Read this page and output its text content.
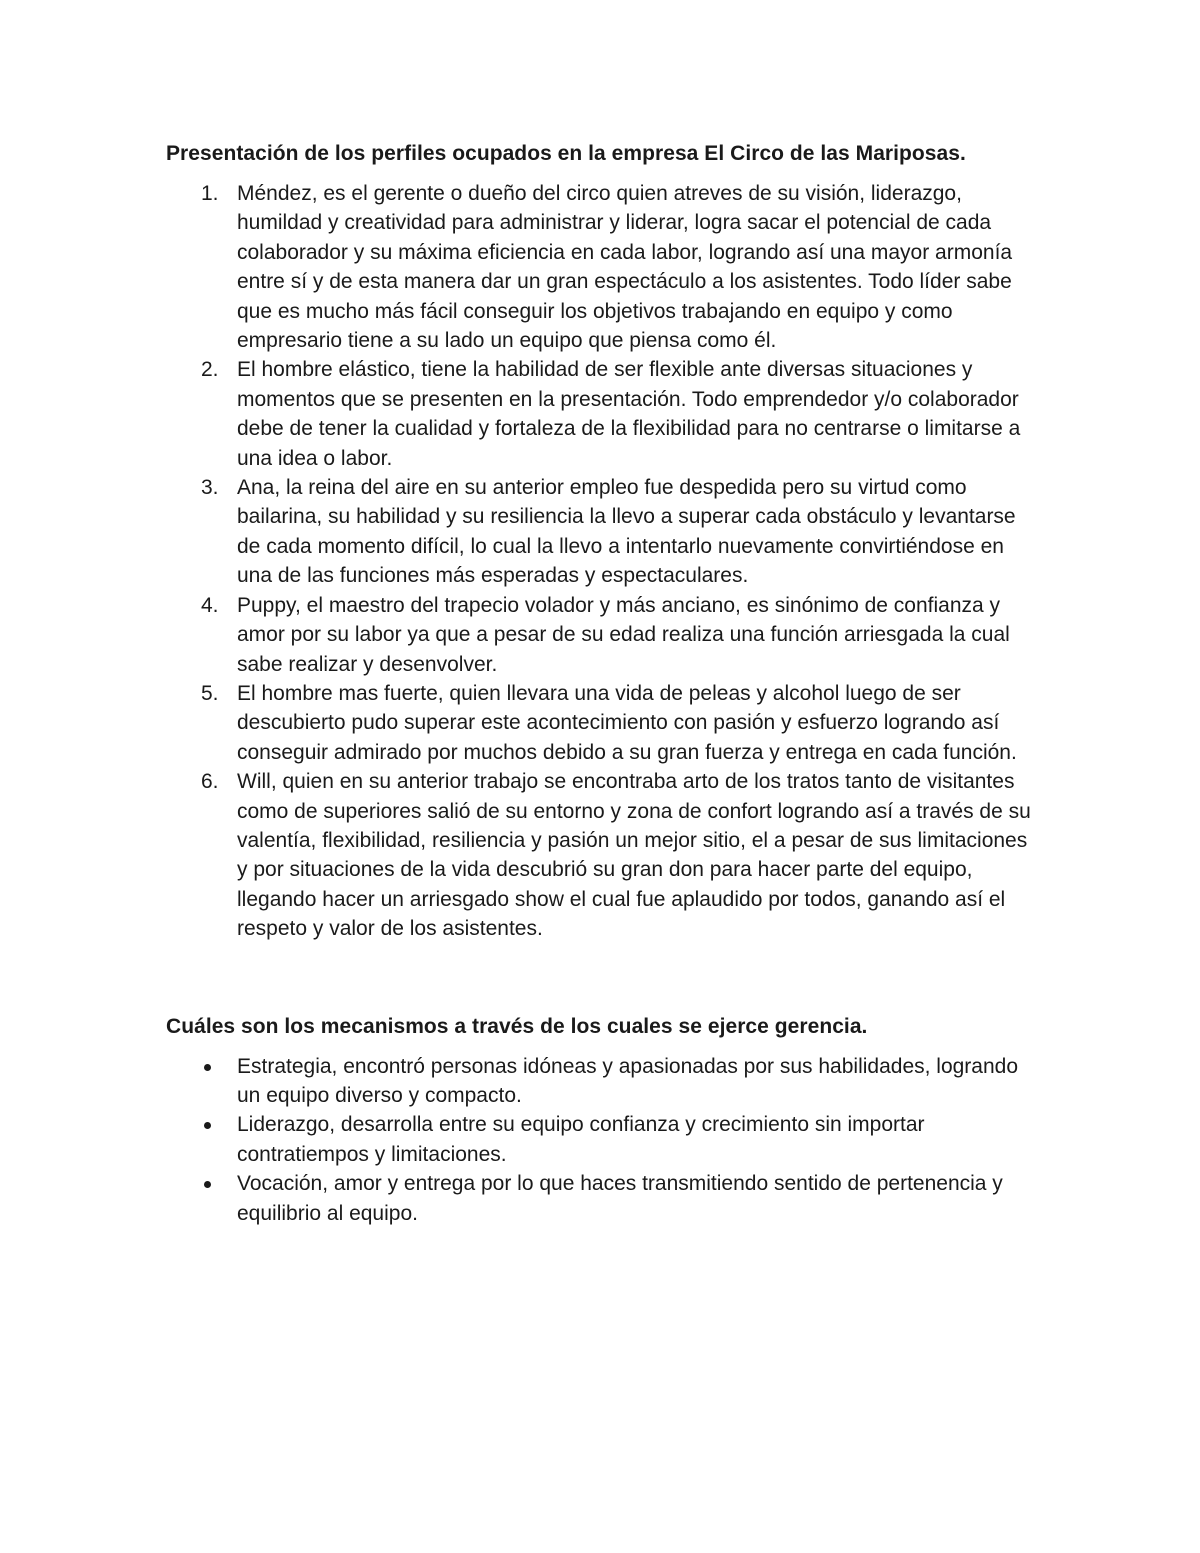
Presentación de los perfiles ocupados en la empresa El Circo de las Mariposas.
1. Méndez, es el gerente o dueño del circo quien atreves de su visión, liderazgo, humildad y creatividad para administrar y liderar, logra sacar el potencial de cada colaborador y su máxima eficiencia en cada labor, logrando así una mayor armonía entre sí y de esta manera dar un gran espectáculo a los asistentes. Todo líder sabe que es mucho más fácil conseguir los objetivos trabajando en equipo y como empresario tiene a su lado un equipo que piensa como él.
2. El hombre elástico, tiene la habilidad de ser flexible ante diversas situaciones y momentos que se presenten en la presentación. Todo emprendedor y/o colaborador debe de tener la cualidad y fortaleza de la flexibilidad para no centrarse o limitarse a una idea o labor.
3. Ana, la reina del aire en su anterior empleo fue despedida pero su virtud como bailarina, su habilidad y su resiliencia la llevo a superar cada obstáculo y levantarse de cada momento difícil, lo cual la llevo a intentarlo nuevamente convirtiéndose en una de las funciones más esperadas y espectaculares.
4. Puppy, el maestro del trapecio volador y más anciano, es sinónimo de confianza y amor por su labor ya que a pesar de su edad realiza una función arriesgada la cual sabe realizar y desenvolver.
5. El hombre mas fuerte, quien llevara una vida de peleas y alcohol luego de ser descubierto pudo superar este acontecimiento con pasión y esfuerzo logrando así conseguir admirado por muchos debido a su gran fuerza y entrega en cada función.
6. Will, quien en su anterior trabajo se encontraba arto de los tratos tanto de visitantes como de superiores salió de su entorno y zona de confort logrando así a través de su valentía, flexibilidad, resiliencia y pasión un mejor sitio, el a pesar de sus limitaciones y por situaciones de la vida descubrió su gran don para hacer parte del equipo, llegando hacer un arriesgado show el cual fue aplaudido por todos, ganando así el respeto y valor de los asistentes.
Cuáles son los mecanismos a través de los cuales se ejerce gerencia.
Estrategia, encontró personas idóneas y apasionadas por sus habilidades, logrando un equipo diverso y compacto.
Liderazgo, desarrolla entre su equipo confianza y crecimiento sin importar contratiempos y limitaciones.
Vocación, amor y entrega por lo que haces transmitiendo sentido de pertenencia y equilibrio al equipo.
